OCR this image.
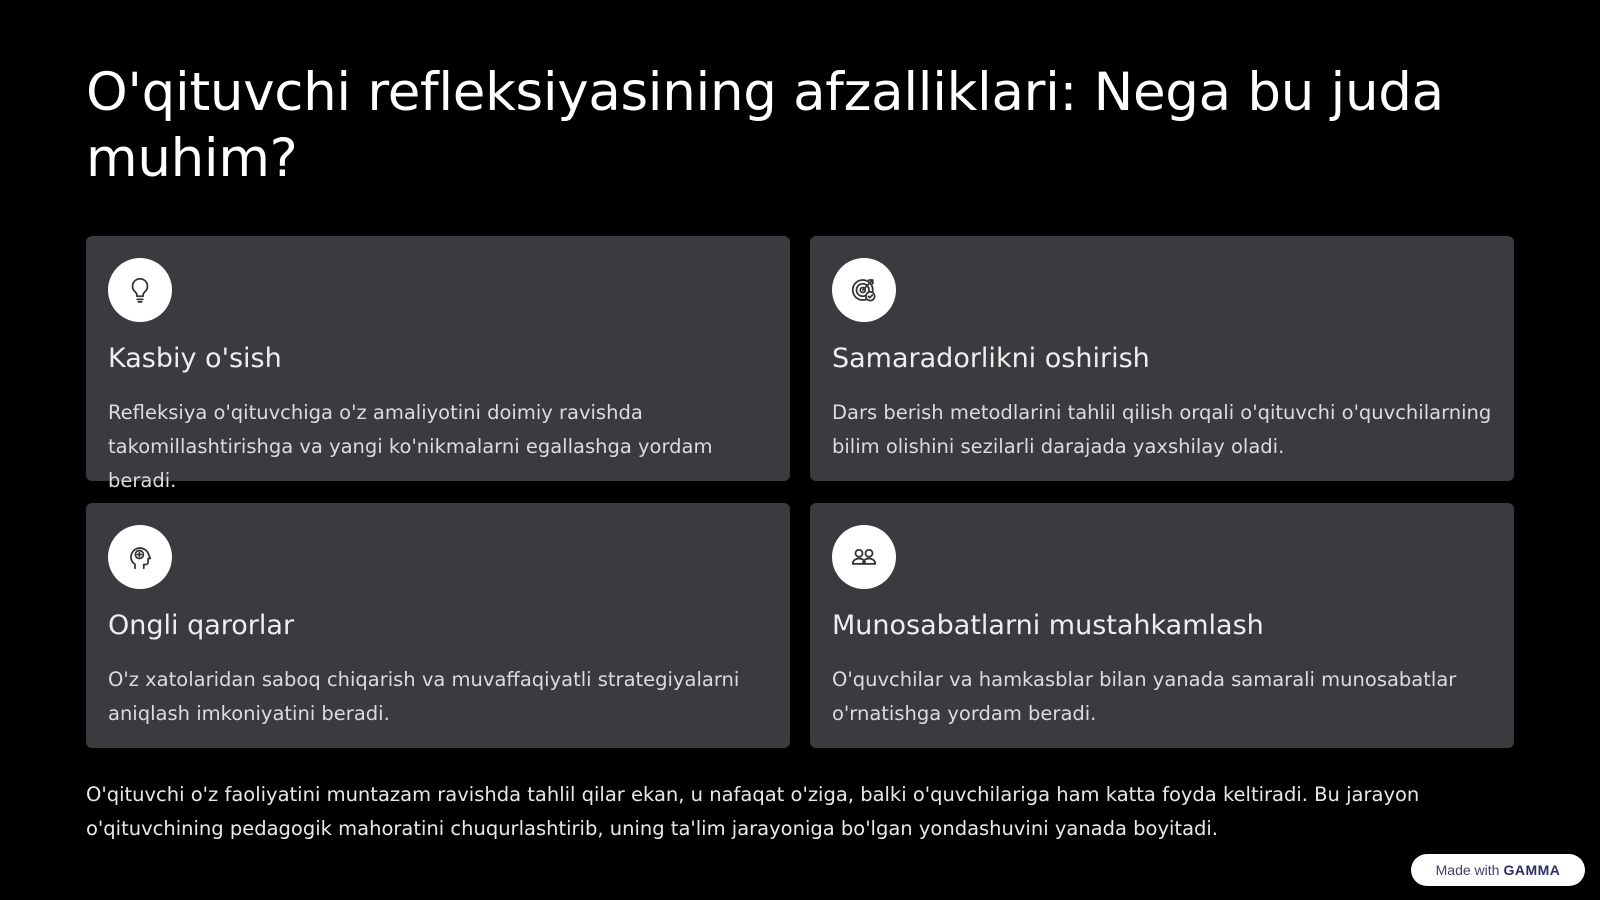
O'qituvchi refleksiyasining afzalliklari: Nega bu juda muhim?
Kasbiy o'sish
Refleksiya o'qituvchiga o'z amaliyotini doimiy ravishda takomillashtirishga va yangi ko'nikmalarni egallashga yordam beradi.
Samaradorlikni oshirish
Dars berish metodlarini tahlil qilish orqali o'qituvchi o'quvchilarning bilim olishini sezilarli darajada yaxshilay oladi.
Ongli qarorlar
O'z xatolaridan saboq chiqarish va muvaffaqiyatli strategiyalarni aniqlash imkoniyatini beradi.
Munosabatlarni mustahkamlash
O'quvchilar va hamkasblar bilan yanada samarali munosabatlar o'rnatishga yordam beradi.
O'qituvchi o'z faoliyatini muntazam ravishda tahlil qilar ekan, u nafaqat o'ziga, balki o'quvchilariga ham katta foyda keltiradi. Bu jarayon o'qituvchining pedagogik mahoratini chuqurlashtirib, uning ta'lim jarayoniga bo'lgan yondashuvini yanada boyitadi.
Made with GAMMA
